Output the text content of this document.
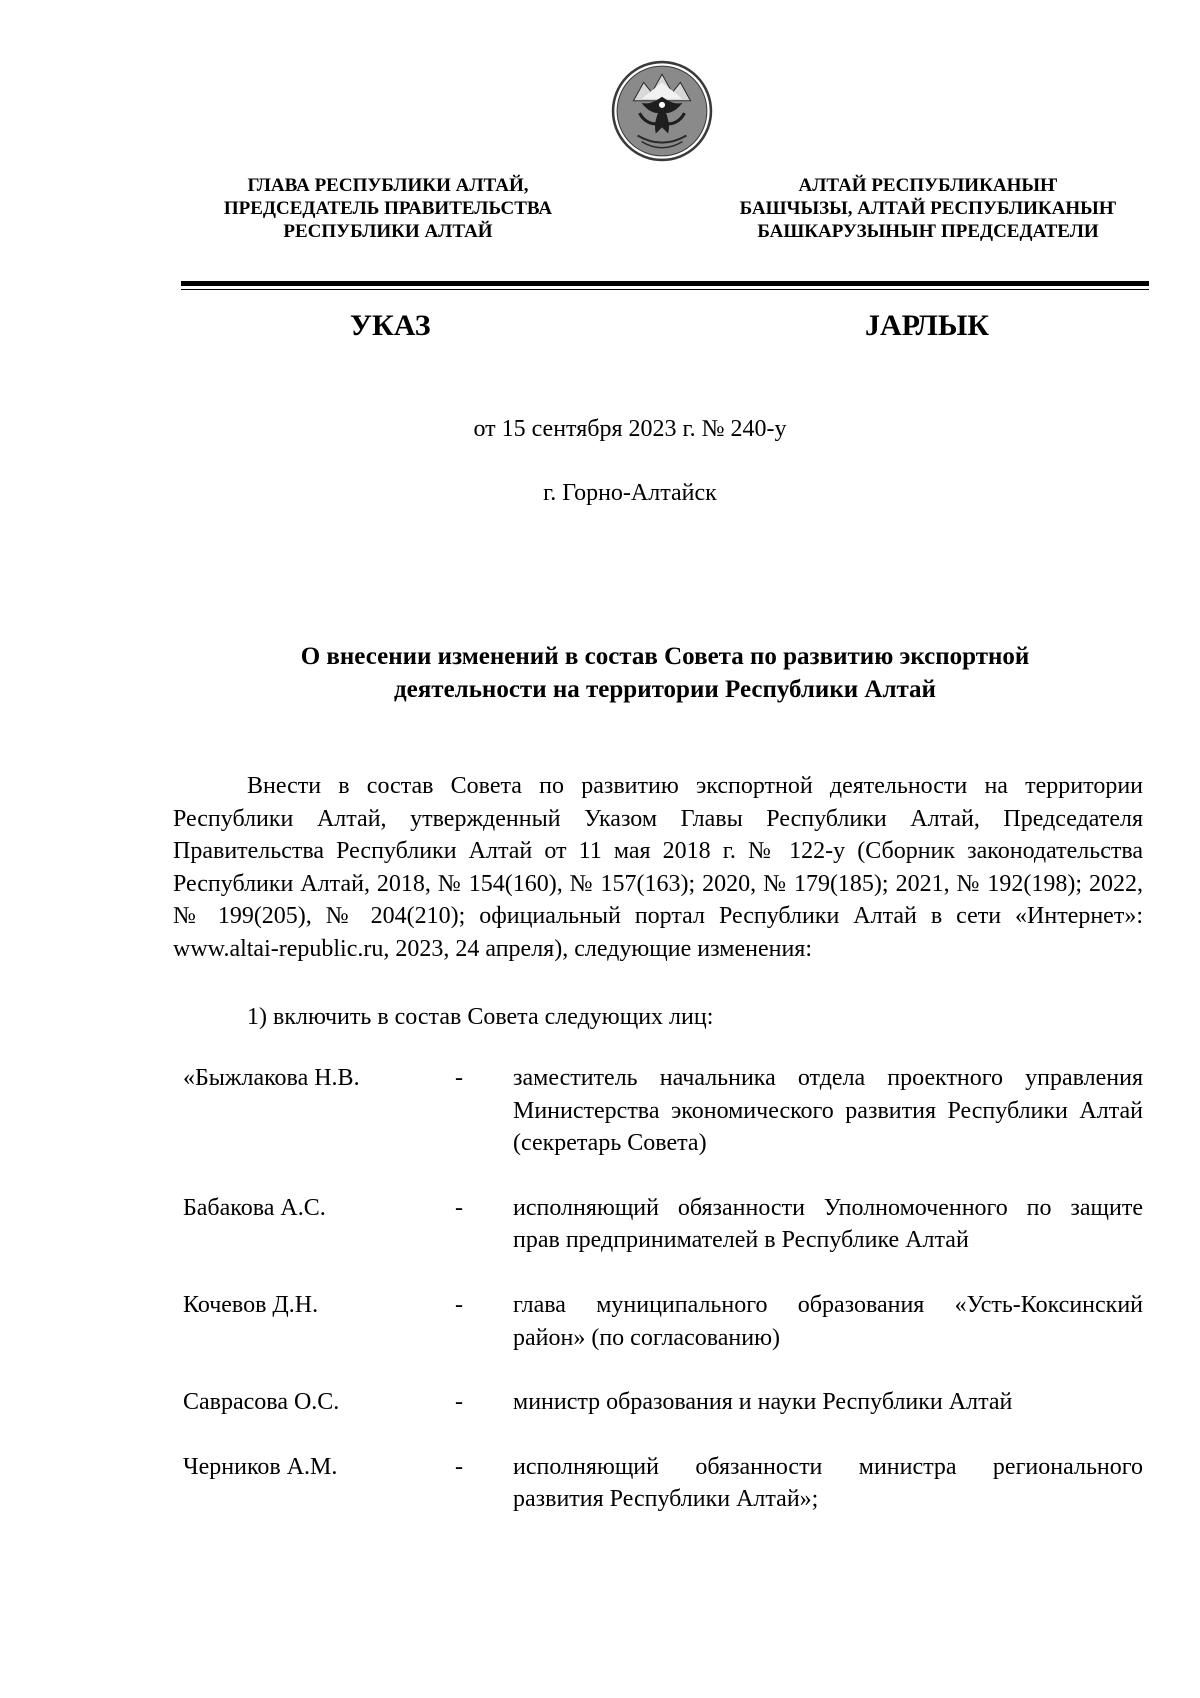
ГЛАВА РЕСПУБЛИКИ АЛТАЙ,
ПРЕДСЕДАТЕЛЬ ПРАВИТЕЛЬСТВА
РЕСПУБЛИКИ АЛТАЙ
АЛТАЙ РЕСПУБЛИКАНЫҤ
БАШЧЫЗЫ, АЛТАЙ РЕСПУБЛИКАНЫҤ
БАШКАРУЗЫНЫҤ ПРЕДСЕДАТЕЛИ
УКАЗ	JАРЛЫК
от 15 сентября 2023 г. № 240-у
г. Горно-Алтайск
О внесении изменений в состав Совета по развитию экспортной
деятельности на территории Республики Алтай

Внести в состав Совета по развитию экспортной деятельности на территории Республики Алтай, утвержденный Указом Главы Республики Алтай, Председателя Правительства Республики Алтай от 11 мая 2018 г. № 122-у (Сборник законодательства Республики Алтай, 2018, № 154(160), № 157(163); 2020, № 179(185); 2021, № 192(198); 2022, № 199(205), № 204(210); официальный портал Республики Алтай в сети «Интернет»: www.altai-republic.ru, 2023, 24 апреля), следующие изменения:

1) включить в состав Совета следующих лиц:
«Быжлакова Н.В.	- заместитель начальника отдела проектного управления Министерства экономического развития Республики Алтай (секретарь Совета)
Бабакова А.С.	- исполняющий обязанности Уполномоченного по защите прав предпринимателей в Республике Алтай
Кочевов Д.Н.	- глава муниципального образования «Усть-Коксинский район» (по согласованию)
Саврасова О.С.	- министр образования и науки Республики Алтай
Черников А.М.	- исполняющий обязанности министра регионального развития Республики Алтай»;
